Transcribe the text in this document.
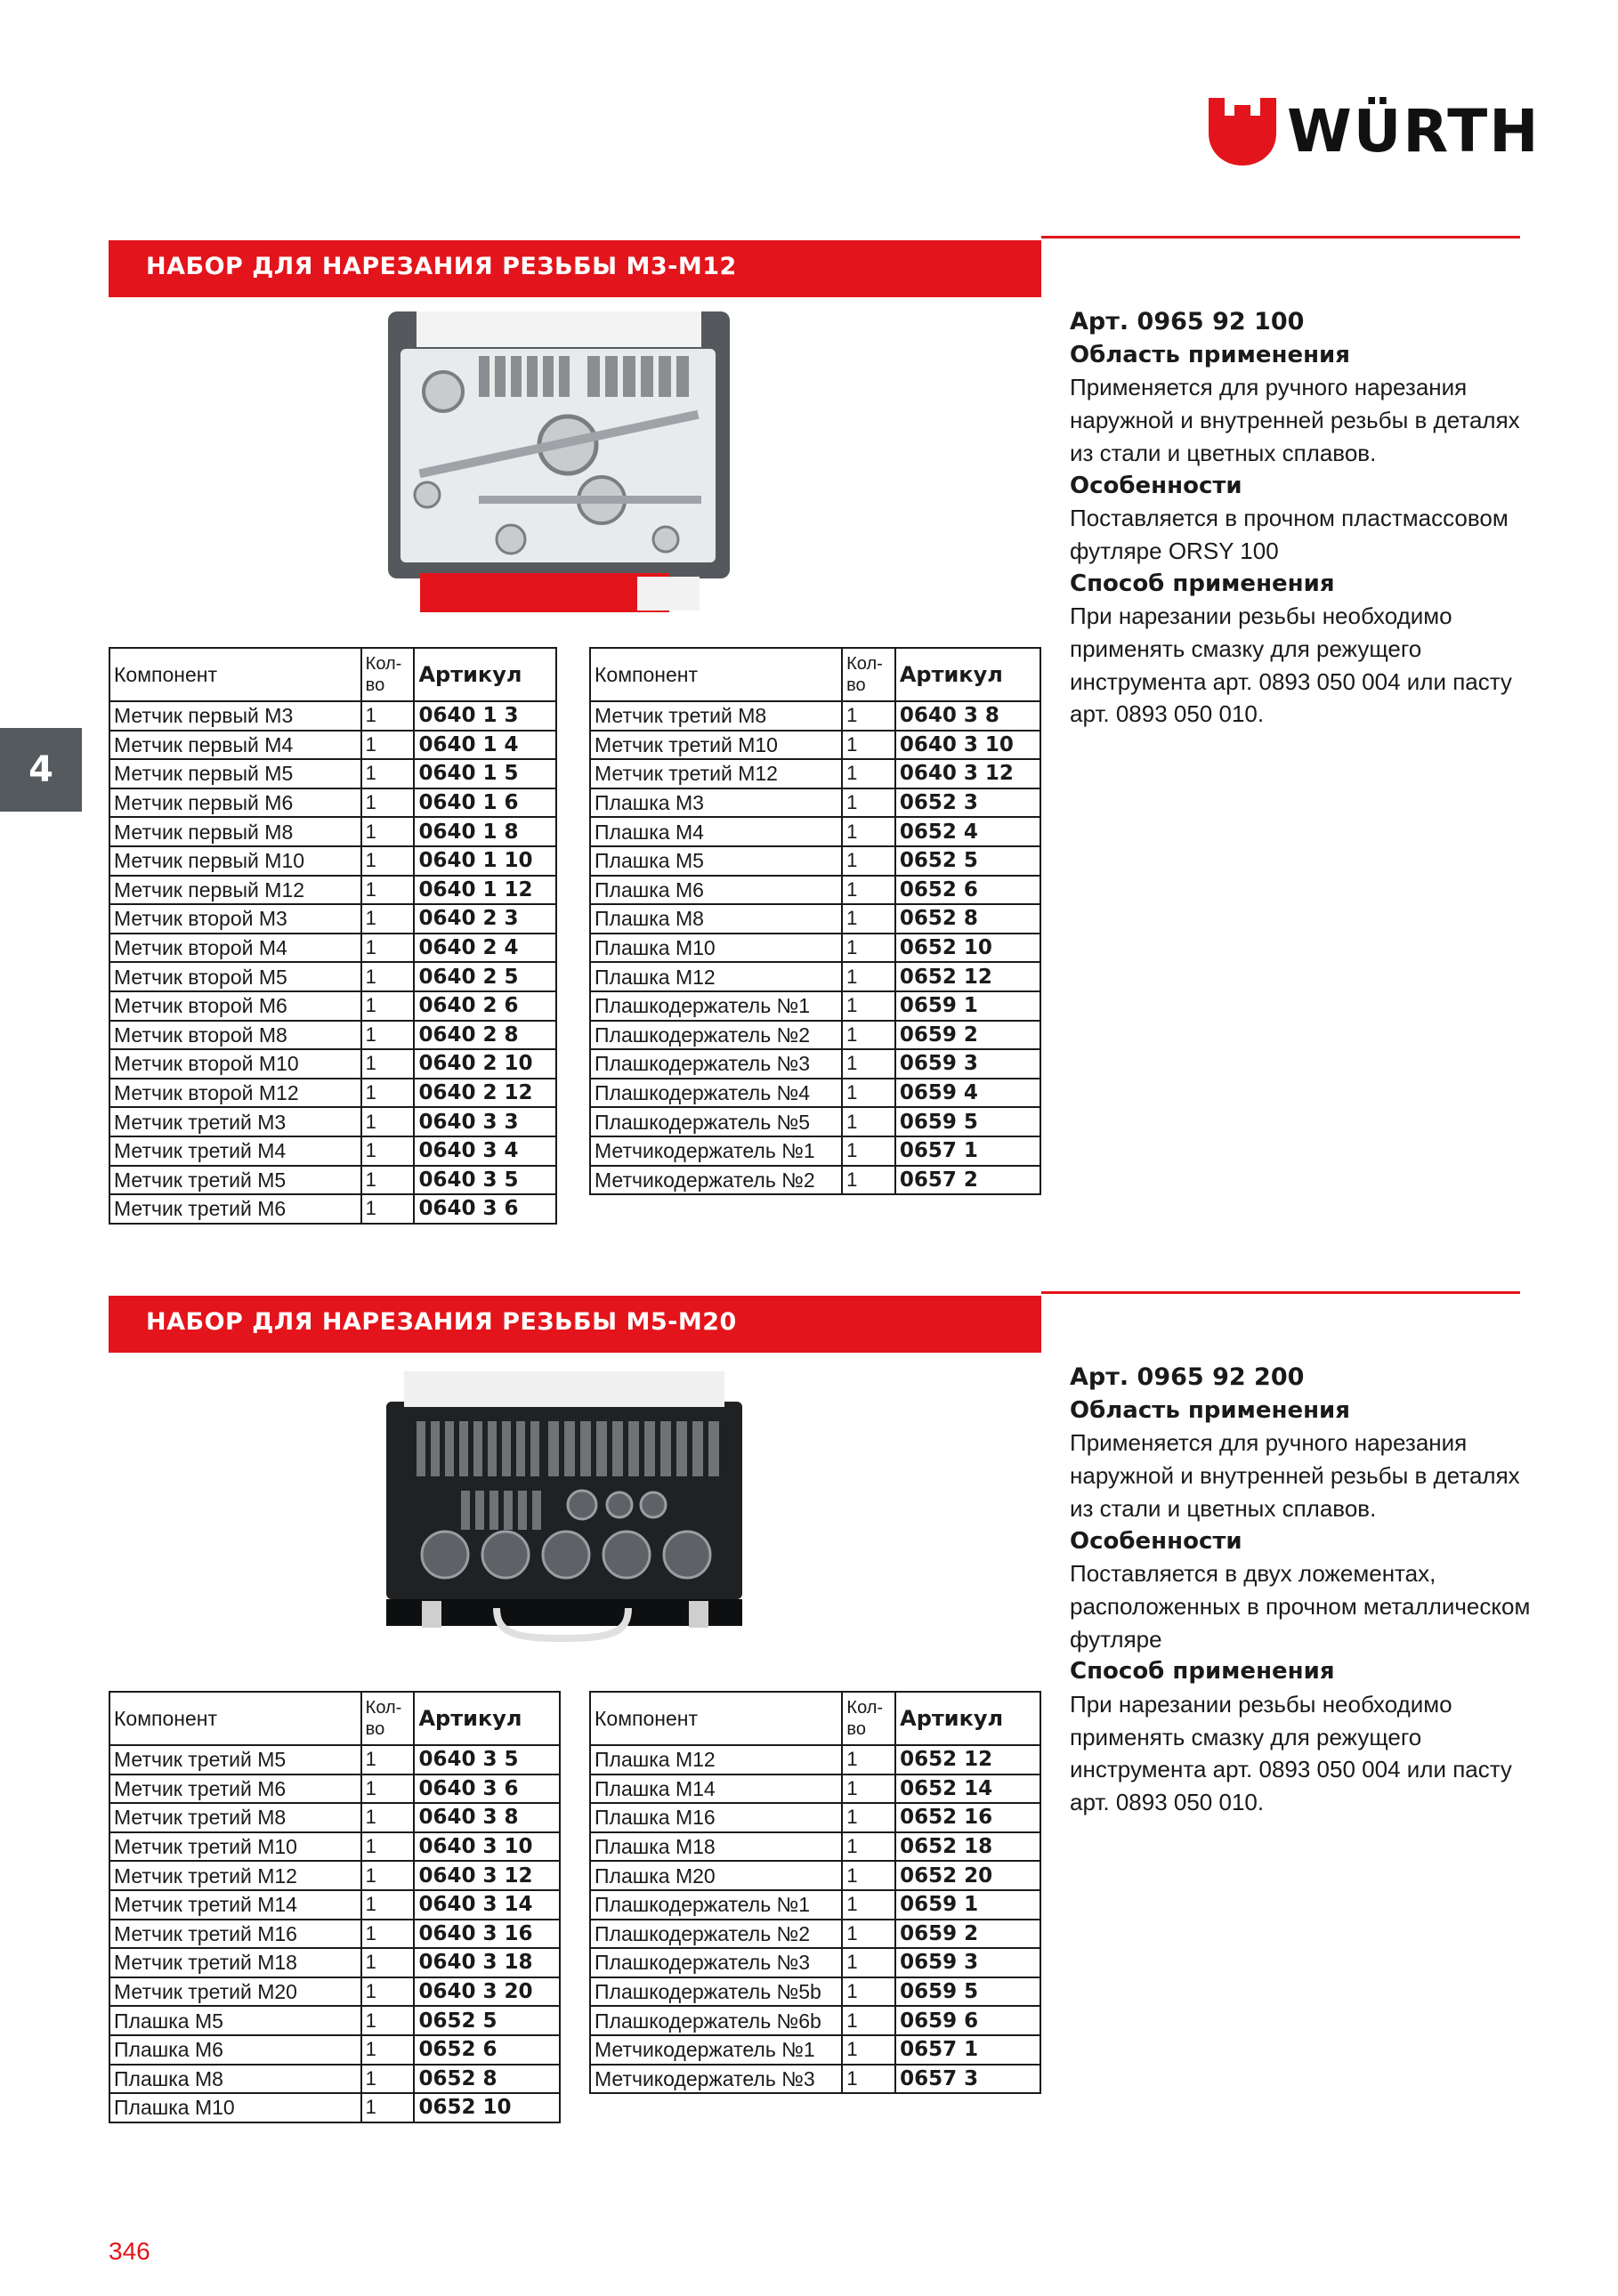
WÜRTH
4
НАБОР ДЛЯ НАРЕЗАНИЯ РЕЗЬБЫ М3-М12
Компонент	Кол-во	Артикул
Метчик первый М3	1	0640 1 3
Метчик первый М4	1	0640 1 4
Метчик первый М5	1	0640 1 5
Метчик первый М6	1	0640 1 6
Метчик первый М8	1	0640 1 8
Метчик первый М10	1	0640 1 10
Метчик первый М12	1	0640 1 12
Метчик второй М3	1	0640 2 3
Метчик второй М4	1	0640 2 4
Метчик второй М5	1	0640 2 5
Метчик второй М6	1	0640 2 6
Метчик второй М8	1	0640 2 8
Метчик второй М10	1	0640 2 10
Метчик второй М12	1	0640 2 12
Метчик третий М3	1	0640 3 3
Метчик третий М4	1	0640 3 4
Метчик третий М5	1	0640 3 5
Метчик третий М6	1	0640 3 6
Компонент	Кол-во	Артикул
Метчик третий М8	1	0640 3 8
Метчик третий М10	1	0640 3 10
Метчик третий М12	1	0640 3 12
Плашка М3	1	0652 3
Плашка М4	1	0652 4
Плашка М5	1	0652 5
Плашка М6	1	0652 6
Плашка М8	1	0652 8
Плашка М10	1	0652 10
Плашка М12	1	0652 12
Плашкодержатель №1	1	0659 1
Плашкодержатель №2	1	0659 2
Плашкодержатель №3	1	0659 3
Плашкодержатель №4	1	0659 4
Плашкодержатель №5	1	0659 5
Метчикодержатель №1	1	0657 1
Метчикодержатель №2	1	0657 2

Арт. 0965 92 100

Область применения

Применяется для ручного нарезания наружной и внутренней резьбы в деталях из стали и цветных сплавов.

Особенности

Поставляется в прочном пластмассовом футляре ORSY 100

Способ применения

При нарезании резьбы необходимо применять смазку для режущего инструмента арт. 0893 050 004 или пасту арт. 0893 050 010.

НАБОР ДЛЯ НАРЕЗАНИЯ РЕЗЬБЫ М5-М20
Компонент	Кол-во	Артикул
Метчик третий М5	1	0640 3 5
Метчик третий М6	1	0640 3 6
Метчик третий М8	1	0640 3 8
Метчик третий М10	1	0640 3 10
Метчик третий М12	1	0640 3 12
Метчик третий М14	1	0640 3 14
Метчик третий М16	1	0640 3 16
Метчик третий М18	1	0640 3 18
Метчик третий М20	1	0640 3 20
Плашка М5	1	0652 5
Плашка М6	1	0652 6
Плашка М8	1	0652 8
Плашка М10	1	0652 10
Компонент	Кол-во	Артикул
Плашка М12	1	0652 12
Плашка М14	1	0652 14
Плашка М16	1	0652 16
Плашка М18	1	0652 18
Плашка М20	1	0652 20
Плашкодержатель №1	1	0659 1
Плашкодержатель №2	1	0659 2
Плашкодержатель №3	1	0659 3
Плашкодержатель №5b	1	0659 5
Плашкодержатель №6b	1	0659 6
Метчикодержатель №1	1	0657 1
Метчикодержатель №3	1	0657 3

Арт. 0965 92 200

Область применения

Применяется для ручного нарезания наружной и внутренней резьбы в деталях из стали и цветных сплавов.

Особенности

Поставляется в двух ложементах, расположенных в прочном металлическом футляре

Способ применения

При нарезании резьбы необходимо применять смазку для режущего инструмента арт. 0893 050 004 или пасту арт. 0893 050 010.

346
